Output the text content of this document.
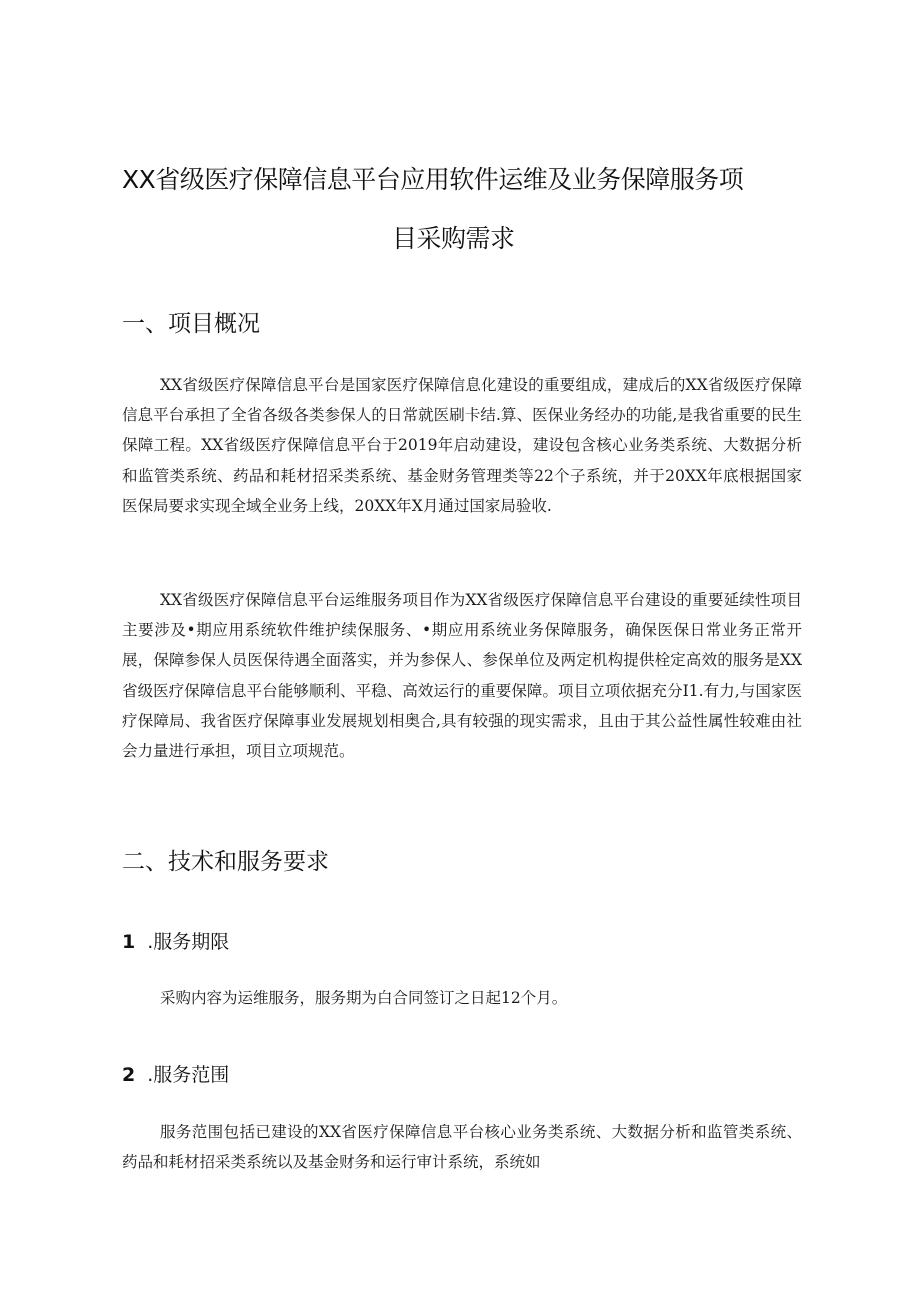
XX省级医疗保障信息平台应用软件运维及业务保障服务项
目采购需求
一、项目概况

XX省级医疗保障信息平台是国家医疗保障信息化建设的重要组成，建成后的XX省级医疗保障信息平台承担了全省各级各类参保人的日常就医刷卡结.算、医保业务经办的功能,是我省重要的民生保障工程。XX省级医疗保障信息平台于2019年启动建设，建设包含核心业务类系统、大数据分析和监管类系统、药品和耗材招采类系统、基金财务管理类等22个子系统，并于20XX年底根据国家医保局要求实现全域全业务上线，20XX年X月通过国家局验收.

XX省级医疗保障信息平台运维服务项目作为XX省级医疗保障信息平台建设的重要延续性项目主要涉及•期应用系统软件维护续保服务、•期应用系统业务保障服务，确保医保日常业务正常开展，保障参保人员医保待遇全面落实，并为参保人、参保单位及两定机构提供栓定高效的服务是XX省级医疗保障信息平台能够顺利、平稳、高效运行的重要保障。项目立项依据充分I1.有力,与国家医疗保障局、我省医疗保障事业发展规划相奥合,具有较强的现实需求，且由于其公益性属性较难由社会力量进行承担，项目立项规范。

二、技术和服务要求
1 .服务期限

采购内容为运维服务，服务期为白合同签订之日起12个月。

2 .服务范围

服务范围包括已建设的XX省医疗保障信息平台核心业务类系统、大数据分析和监管类系统、药品和耗材招采类系统以及基金财务和运行审计系统，系统如
